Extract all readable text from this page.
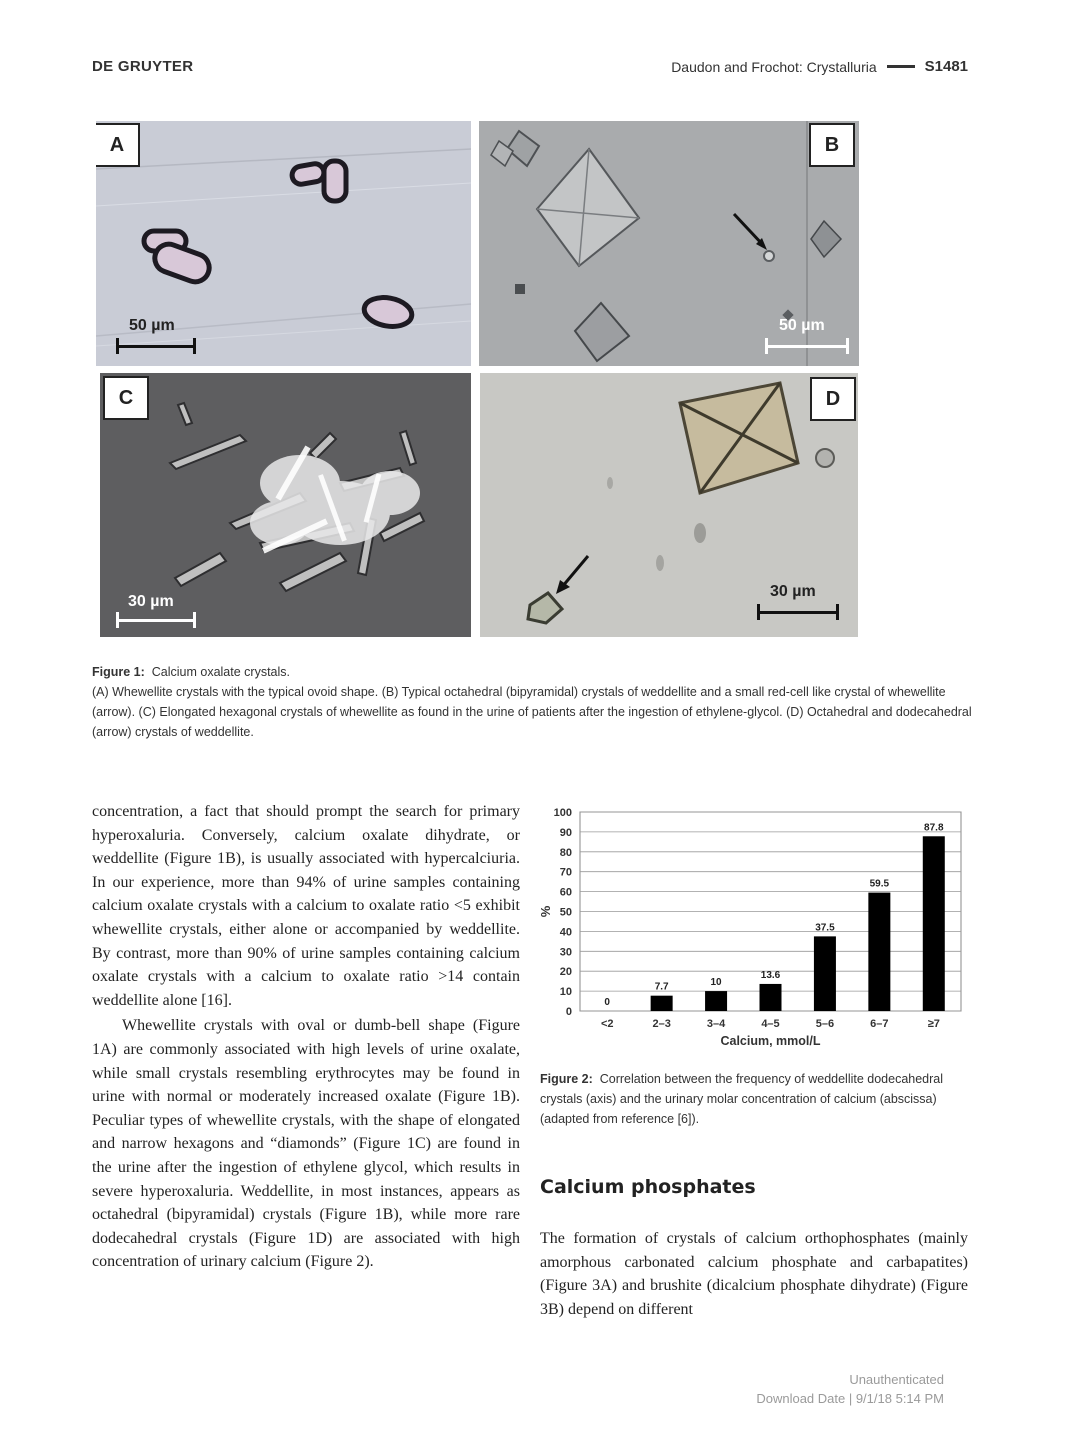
DE GRUYTER	Daudon and Frochot: Crystalluria	S1481
A
50 µm
B
50 µm
C
30 µm
D
30 µm
Figure 1: Calcium oxalate crystals.
(A) Whewellite crystals with the typical ovoid shape. (B) Typical octahedral (bipyramidal) crystals of weddellite and a small red-cell like crystal of whewellite (arrow). (C) Elongated hexagonal crystals of whewellite as found in the urine of patients after the ingestion of ethylene-glycol. (D) Octahedral and dodecahedral (arrow) crystals of weddellite.

concentration, a fact that should prompt the search for primary hyperoxaluria. Conversely, calcium oxalate dihydrate, or weddellite (Figure 1B), is usually associated with hypercalciuria. In our experience, more than 94% of urine samples containing calcium oxalate crystals with a calcium to oxalate ratio <5 exhibit whewellite crystals, either alone or accompanied by weddellite. By contrast, more than 90% of urine samples containing calcium oxalate crystals with a calcium to oxalate ratio >14 contain weddellite alone [16].

Whewellite crystals with oval or dumb-bell shape (Figure 1A) are commonly associated with high levels of urine oxalate, while small crystals resembling erythrocytes may be found in urine with normal or moderately increased oxalate (Figure 1B). Peculiar types of whewellite crystals, with the shape of elongated and narrow hexagons and “diamonds” (Figure 1C) are found in the urine after the ingestion of ethylene glycol, which results in severe hyperoxaluria. Weddellite, in most instances, appears as octahedral (bipyramidal) crystals (Figure 1B), while more rare dodecahedral crystals (Figure 1D) are associated with high concentration of urinary calcium (Figure 2).

0
10
20
30
40
50
60
70
80
90
100
%
0
<2
7.7
2–3
10
3–4
13.6
4–5
37.5
5–6
59.5
6–7
87.8
≥7
Calcium, mmol/L
Figure 2: Correlation between the frequency of weddellite dodecahedral crystals (axis) and the urinary molar concentration of calcium (abscissa) (adapted from reference [6]).
Calcium phosphates

The formation of crystals of calcium orthophosphates (mainly amorphous carbonated calcium phosphate and carbapatites) (Figure 3A) and brushite (dicalcium phosphate dihydrate) (Figure 3B) depend on different

Unauthenticated
Download Date | 9/1/18 5:14 PM
